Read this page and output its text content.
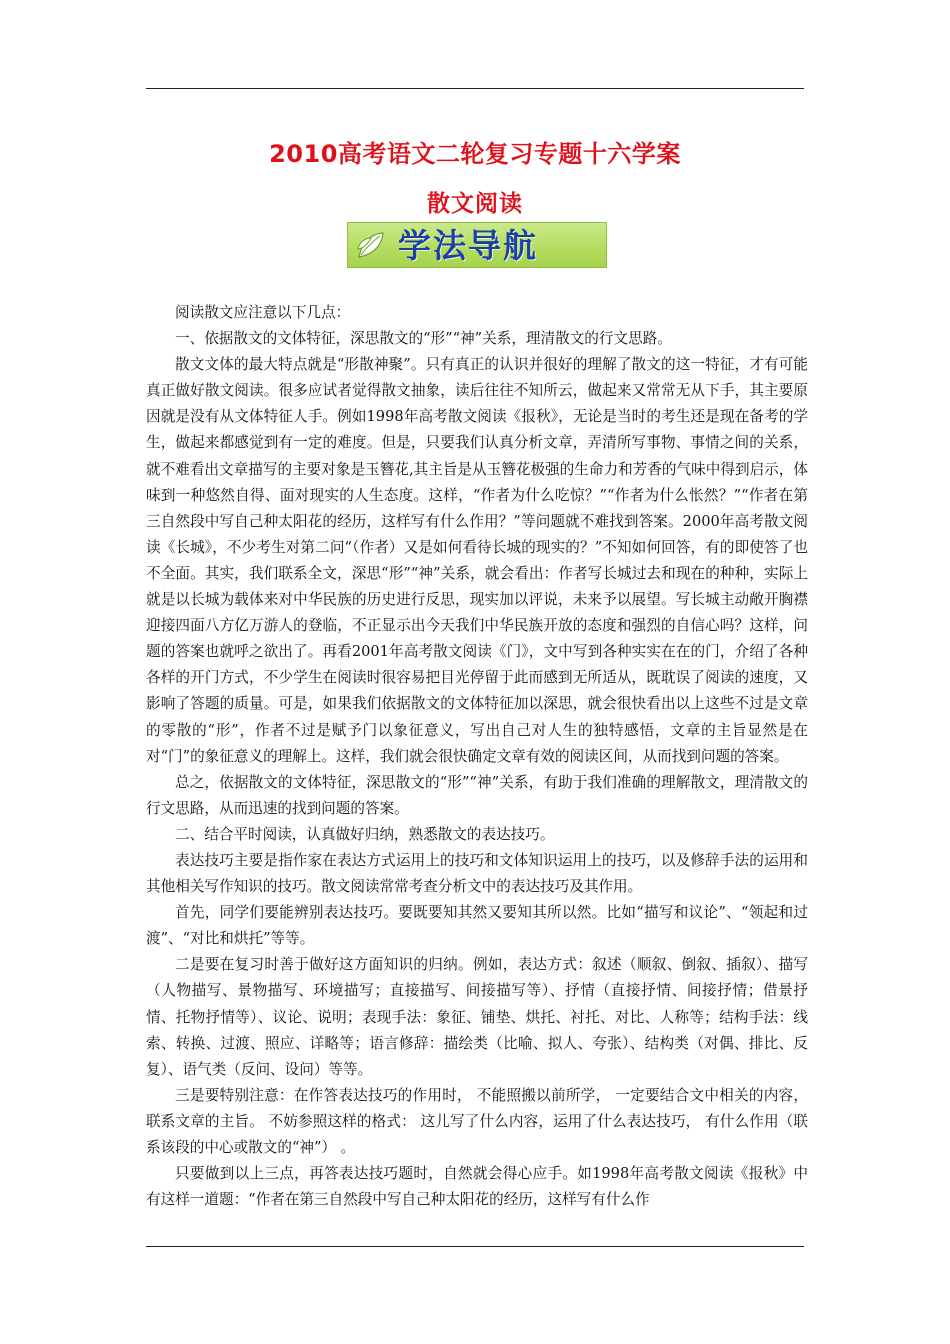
2010高考语文二轮复习专题十六学案
散文阅读
学法导航

阅读散文应注意以下几点：

一、依据散文的文体特征，深思散文的“形”“神”关系，理清散文的行文思路。

散文文体的最大特点就是“形散神聚”。只有真正的认识并很好的理解了散文的这一特征，才有可能真正做好散文阅读。很多应试者觉得散文抽象，读后往往不知所云，做起来又常常无从下手，其主要原因就是没有从文体特征人手。例如1998年高考散文阅读《报秋》，无论是当时的考生还是现在备考的学生，做起来都感觉到有一定的难度。但是，只要我们认真分析文章，弄清所写事物、事情之间的关系，就不难看出文章描写的主要对象是玉簪花,其主旨是从玉簪花极强的生命力和芳香的气味中得到启示，体味到一种悠然自得、面对现实的人生态度。这样，“作者为什么吃惊？”“作者为什么怅然？”“作者在第三自然段中写自己种太阳花的经历，这样写有什么作用？”等问题就不难找到答案。2000年高考散文阅读《长城》，不少考生对第二问“（作者）又是如何看待长城的现实的？”不知如何回答，有的即使答了也不全面。其实，我们联系全文，深思“形”“神”关系，就会看出：作者写长城过去和现在的种种，实际上就是以长城为载体来对中华民族的历史进行反思，现实加以评说，未来予以展望。写长城主动敞开胸襟迎接四面八方亿万游人的登临，不正显示出今天我们中华民族开放的态度和强烈的自信心吗？这样，问题的答案也就呼之欲出了。再看2001年高考散文阅读《门》，文中写到各种实实在在的门，介绍了各种各样的开门方式，不少学生在阅读时很容易把目光停留于此而感到无所适从，既耽误了阅读的速度，又影响了答题的质量。可是，如果我们依据散文的文体特征加以深思，就会很快看出以上这些不过是文章的零散的“形”，作者不过是赋予门以象征意义，写出自己对人生的独特感悟，文章的主旨显然是在对“门”的象征意义的理解上。这样，我们就会很快确定文章有效的阅读区间，从而找到问题的答案。

总之，依据散文的文体特征，深思散文的“形”“神”关系，有助于我们准确的理解散文，理清散文的行文思路，从而迅速的找到问题的答案。

二、结合平时阅读，认真做好归纳，熟悉散文的表达技巧。

表达技巧主要是指作家在表达方式运用上的技巧和文体知识运用上的技巧，以及修辞手法的运用和其他相关写作知识的技巧。散文阅读常常考查分析文中的表达技巧及其作用。

首先，同学们要能辨别表达技巧。要既要知其然又要知其所以然。比如“描写和议论”、“领起和过渡”、“对比和烘托”等等。

二是要在复习时善于做好这方面知识的归纳。例如，表达方式：叙述（顺叙、倒叙、插叙）、描写（人物描写、景物描写、环境描写；直接描写、间接描写等）、抒情（直接抒情、间接抒情；借景抒情、托物抒情等）、议论、说明；表现手法：象征、铺垫、烘托、衬托、对比、人称等；结构手法：线索、转换、过渡、照应、详略等；语言修辞：描绘类（比喻、拟人、夸张）、结构类（对偶、排比、反复）、语气类（反问、设问）等等。

三是要特别注意：在作答表达技巧的作用时， 不能照搬以前所学， 一定要结合文中相关的内容， 联系文章的主旨。 不妨参照这样的格式： 这儿写了什么内容，运用了什么表达技巧， 有什么作用（联系该段的中心或散文的“神”） 。

只要做到以上三点，再答表达技巧题时，自然就会得心应手。如1998年高考散文阅读《报秋》中有这样一道题：“作者在第三自然段中写自己种太阳花的经历，这样写有什么作
